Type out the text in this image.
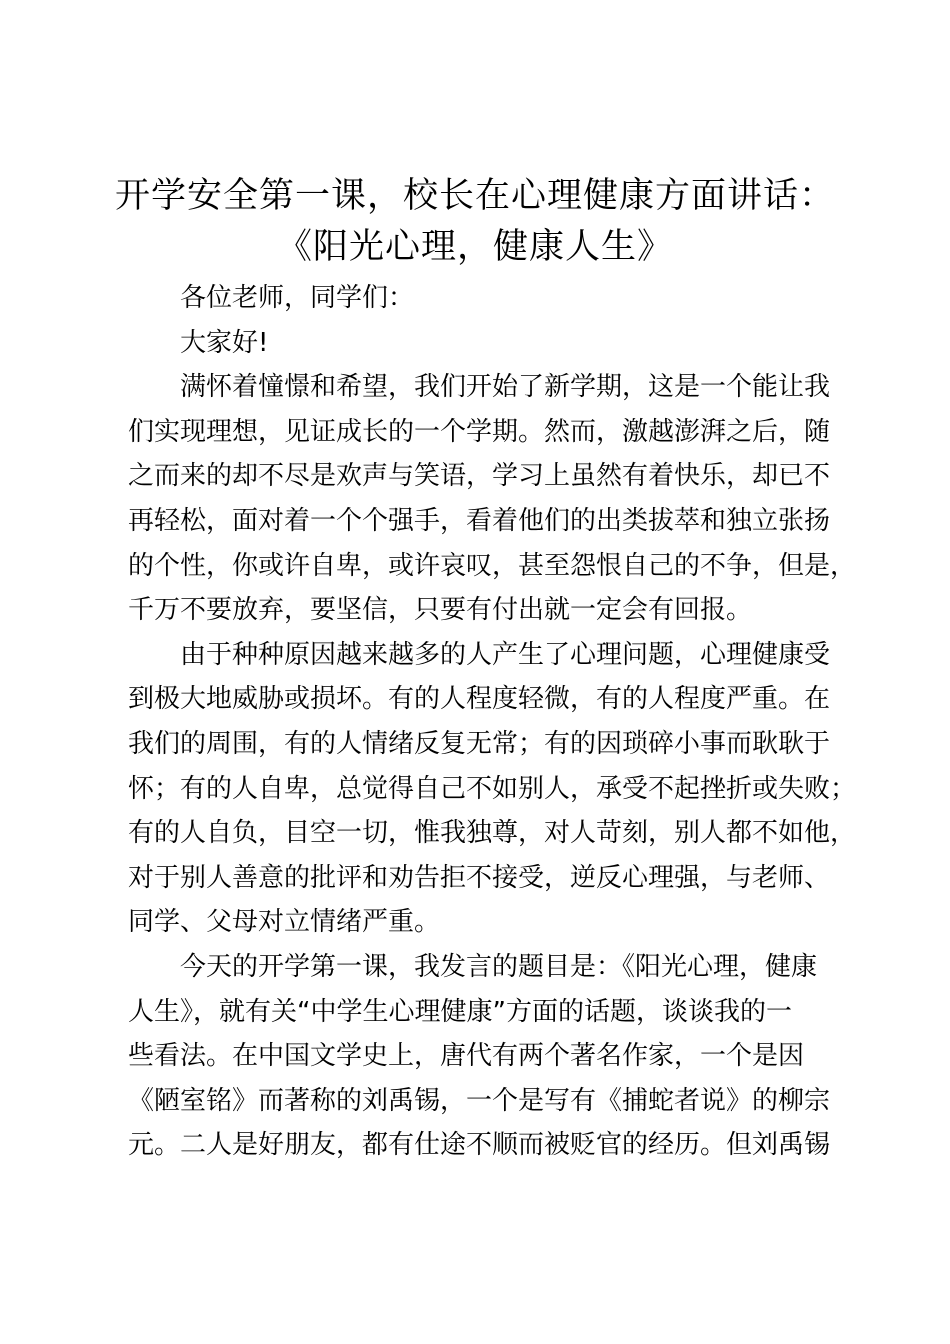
开学安全第一课，校长在心理健康方面讲话：
《阳光心理，健康人生》

各位老师，同学们：

大家好!

满怀着憧憬和希望，我们开始了新学期，这是一个能让我
们实现理想，见证成长的一个学期。然而，激越澎湃之后，随
之而来的却不尽是欢声与笑语，学习上虽然有着快乐，却已不
再轻松，面对着一个个强手，看着他们的出类拔萃和独立张扬
的个性，你或许自卑，或许哀叹，甚至怨恨自己的不争，但是，
千万不要放弃，要坚信，只要有付出就一定会有回报。

由于种种原因越来越多的人产生了心理问题，心理健康受
到极大地威胁或损坏。有的人程度轻微，有的人程度严重。在
我们的周围，有的人情绪反复无常；有的因琐碎小事而耿耿于
怀；有的人自卑，总觉得自己不如别人，承受不起挫折或失败；
有的人自负，目空一切，惟我独尊，对人苛刻，别人都不如他，
对于别人善意的批评和劝告拒不接受，逆反心理强，与老师、
同学、父母对立情绪严重。

今天的开学第一课，我发言的题目是：《阳光心理，健康
人生》，就有关“中学生心理健康”方面的话题，谈谈我的一
些看法。在中国文学史上，唐代有两个著名作家，一个是因
《陋室铭》而著称的刘禹锡，一个是写有《捕蛇者说》的柳宗
元。二人是好朋友，都有仕途不顺而被贬官的经历。但刘禹锡
